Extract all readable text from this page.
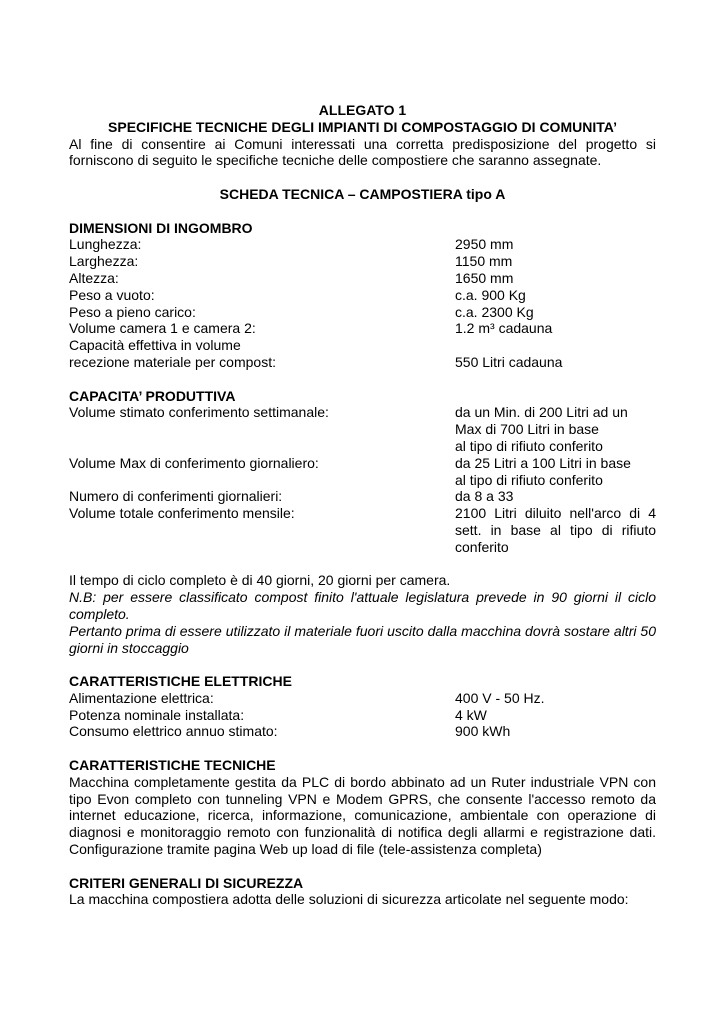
ALLEGATO 1
SPECIFICHE TECNICHE DEGLI IMPIANTI DI COMPOSTAGGIO DI COMUNITA’
Al fine di consentire ai Comuni interessati una corretta predisposizione del progetto si forniscono di seguito le specifiche tecniche delle compostiere che saranno assegnate.
SCHEDA TECNICA – CAMPOSTIERA tipo A
DIMENSIONI DI INGOMBRO
Lunghezza:	2950 mm
Larghezza:	1150 mm
Altezza:	1650 mm
Peso a vuoto:	c.a. 900 Kg
Peso a pieno carico:	c.a. 2300 Kg
Volume camera 1 e camera 2:	1.2 m³ cadauna
Capacità effettiva in volume
recezione materiale per compost:	550 Litri cadauna
CAPACITA’ PRODUTTIVA
Volume stimato conferimento settimanale:	da un Min. di 200 Litri ad un
Max di 700 Litri in base
al tipo di rifiuto conferito
Volume Max di conferimento giornaliero:	da 25 Litri a 100 Litri in base
al tipo di rifiuto conferito
Numero di conferimenti giornalieri:	da 8 a 33
Volume totale conferimento mensile:	2100 Litri diluito nell'arco di 4
sett. in base al tipo di rifiuto
conferito
Il tempo di ciclo completo è di 40 giorni, 20 giorni per camera.
N.B: per essere classificato compost finito l'attuale legislatura prevede in 90 giorni il ciclo completo.
Pertanto prima di essere utilizzato il materiale fuori uscito dalla macchina dovrà sostare altri 50 giorni in stoccaggio
CARATTERISTICHE ELETTRICHE
Alimentazione elettrica:	400 V - 50 Hz.
Potenza nominale installata:	4 kW
Consumo elettrico annuo stimato:	900 kWh
CARATTERISTICHE TECNICHE
Macchina completamente gestita da PLC di bordo abbinato ad un Ruter industriale VPN con tipo Evon completo con tunneling VPN e Modem GPRS, che consente l'accesso remoto da internet educazione, ricerca, informazione, comunicazione, ambientale con operazione di diagnosi e monitoraggio remoto con funzionalità di notifica degli allarmi e registrazione dati. Configurazione tramite pagina Web up load di file (tele-assistenza completa)
CRITERI GENERALI DI SICUREZZA
La macchina compostiera adotta delle soluzioni di sicurezza articolate nel seguente modo:
